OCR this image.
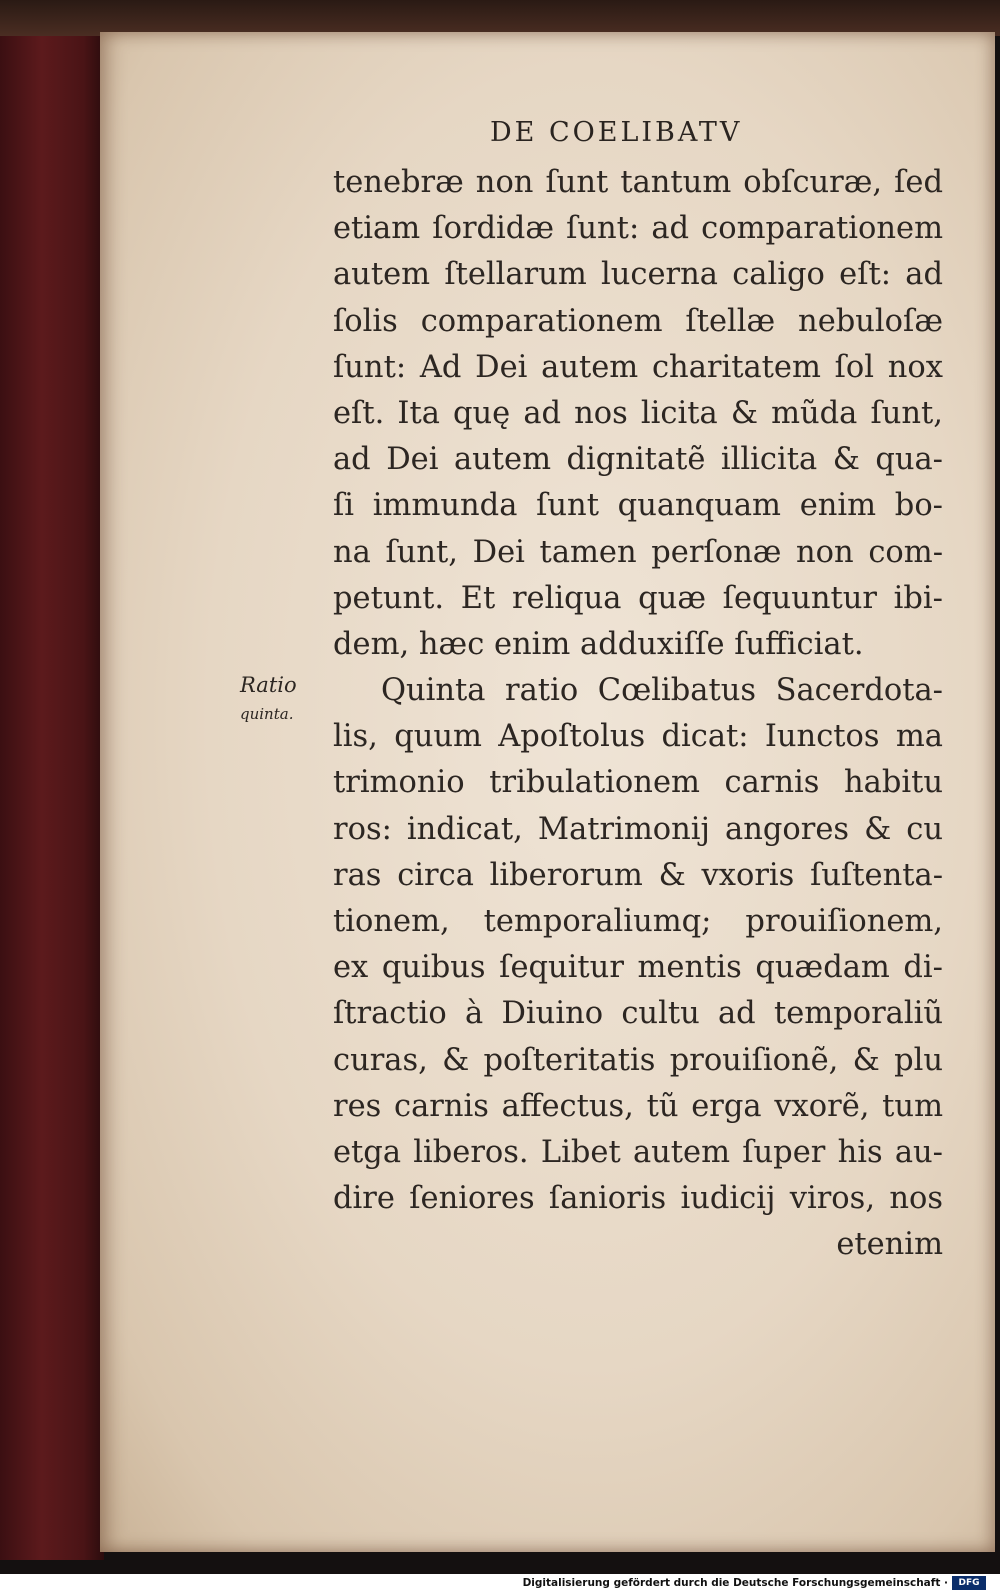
DE COELIBATV
Ratio
quinta.
tenebræ non ſunt tantum obſcuræ, ſed
etiam ſordidæ ſunt: ad comparationem
autem ſtellarum lucerna caligo eſt: ad
ſolis comparationem ſtellæ nebuloſæ
ſunt: Ad Dei autem charitatem ſol nox
eſt. Ita quę ad nos licita & mũda ſunt,
ad Dei autem dignitatẽ illicita & qua-
ſi immunda ſunt quanquam enim bo-
na ſunt, Dei tamen perſonæ non com-
petunt. Et reliqua quæ ſequuntur ibi-
dem, hæc enim adduxiſſe ſufficiat.
Quinta ratio Cœlibatus Sacerdota-
lis, quum Apoſtolus dicat: Iunctos ma
trimonio tribulationem carnis habitu
ros: indicat, Matrimonij angores & cu
ras circa liberorum & vxoris ſuſtenta-
tionem, temporaliumq; prouiſionem,
ex quibus ſequitur mentis quædam di-
ſtractio à Diuino cultu ad temporaliũ
curas, & poſteritatis prouiſionẽ, & plu
res carnis affectus, tũ erga vxorẽ, tum
etga liberos. Libet autem ſuper his au-
dire ſeniores ſanioris iudicij viros, nos
etenim
Digitalisierung gefördert durch die Deutsche Forschungsgemeinschaft ·	DFG
